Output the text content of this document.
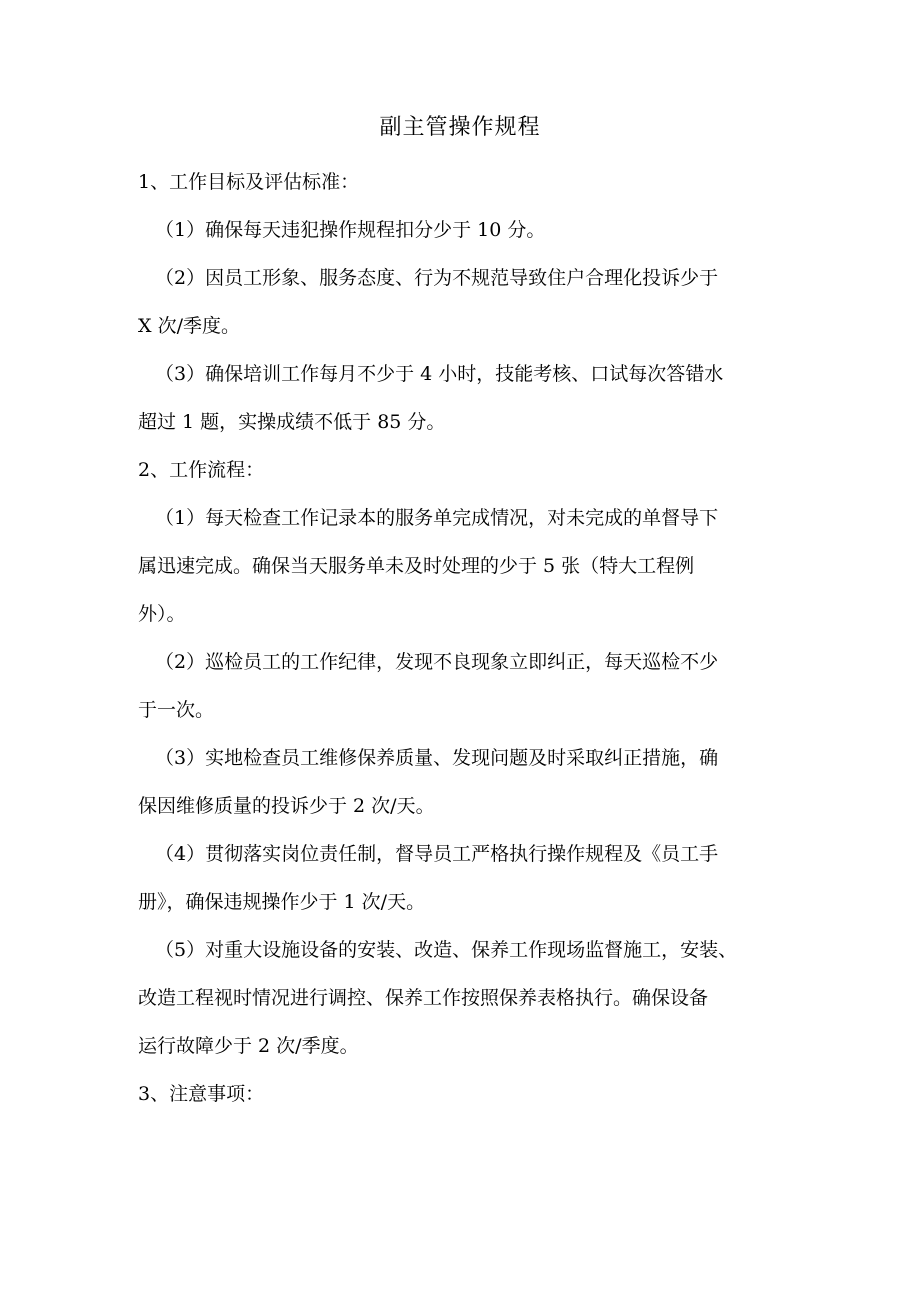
副主管操作规程
1、工作目标及评估标准：
（1）确保每天违犯操作规程扣分少于 10 分。
（2）因员工形象、服务态度、行为不规范导致住户合理化投诉少于
X 次/季度。
（3）确保培训工作每月不少于 4 小时，技能考核、口试每次答错水
超过 1 题，实操成绩不低于 85 分。
2、工作流程：
（1）每天检查工作记录本的服务单完成情况，对未完成的单督导下
属迅速完成。确保当天服务单未及时处理的少于 5 张（特大工程例
外）。
（2）巡检员工的工作纪律，发现不良现象立即纠正，每天巡检不少
于一次。
（3）实地检查员工维修保养质量、发现问题及时采取纠正措施，确
保因维修质量的投诉少于 2 次/天。
（4）贯彻落实岗位责任制，督导员工严格执行操作规程及《员工手
册》，确保违规操作少于 1 次/天。
（5）对重大设施设备的安装、改造、保养工作现场监督施工，安装、
改造工程视时情况进行调控、保养工作按照保养表格执行。确保设备
运行故障少于 2 次/季度。
3、注意事项：
